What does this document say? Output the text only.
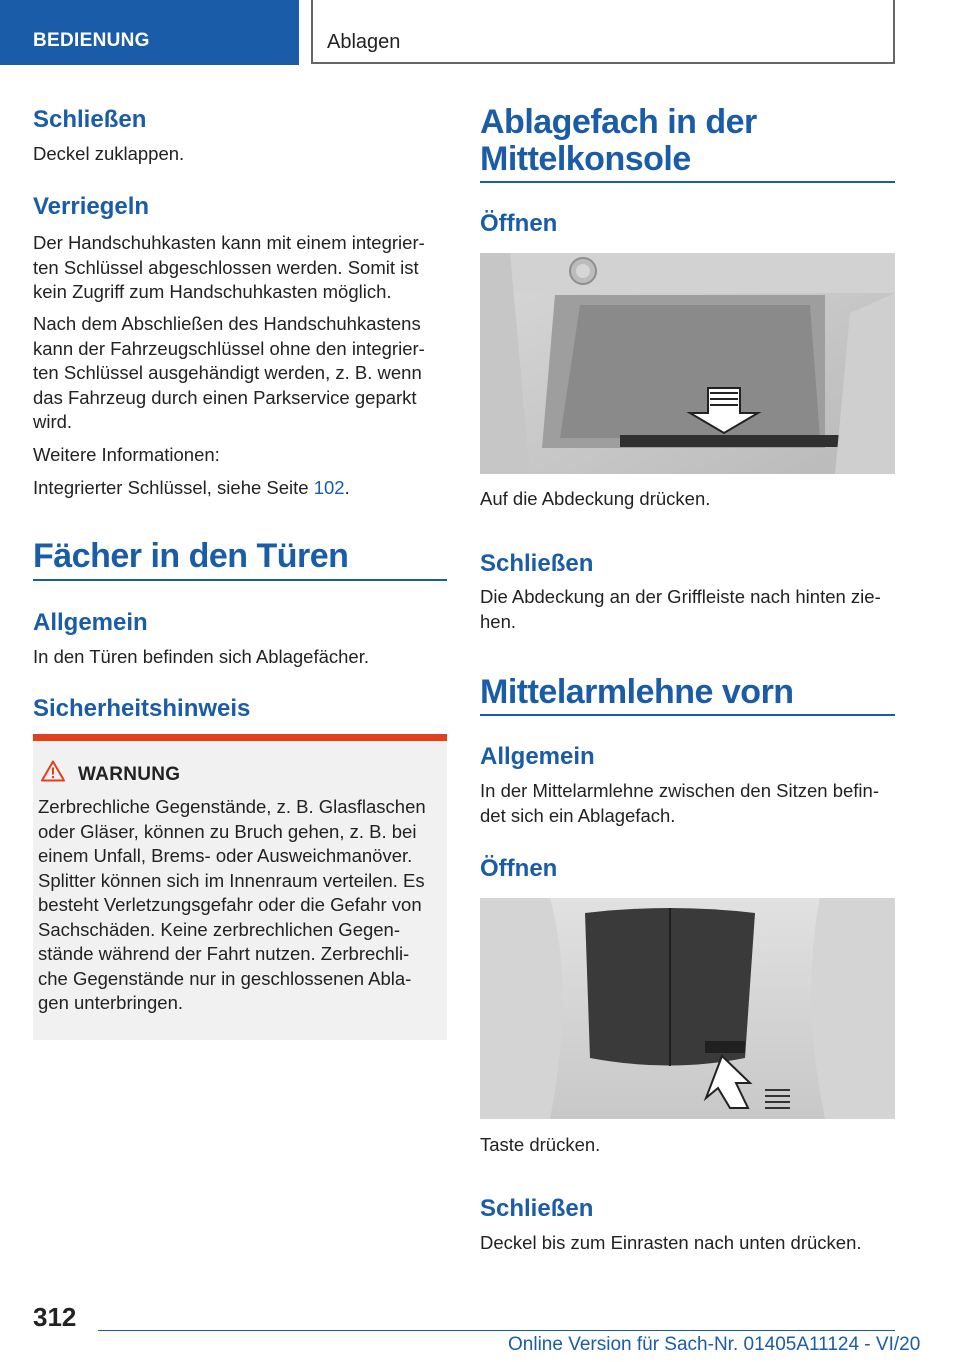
BEDIENUNG	Ablagen
Schließen

Deckel zuklappen.

Verriegeln

Der Handschuhkasten kann mit einem integrier‐
ten Schlüssel abgeschlossen werden. Somit ist
kein Zugriff zum Handschuhkasten möglich.

Nach dem Abschließen des Handschuhkastens
kann der Fahrzeugschlüssel ohne den integrier‐
ten Schlüssel ausgehändigt werden, z. B. wenn
das Fahrzeug durch einen Parkservice geparkt
wird.

Weitere Informationen:

Integrierter Schlüssel, siehe Seite 102.

Fächer in den Türen
Allgemein

In den Türen befinden sich Ablagefächer.

Sicherheitshinweis
WARNUNG

Zerbrechliche Gegenstände, z. B. Glasflaschen
oder Gläser, können zu Bruch gehen, z. B. bei
einem Unfall, Brems- oder Ausweichmanöver.
Splitter können sich im Innenraum verteilen. Es
besteht Verletzungsgefahr oder die Gefahr von
Sachschäden. Keine zerbrechlichen Gegen‐
stände während der Fahrt nutzen. Zerbrechli‐
che Gegenstände nur in geschlossenen Abla‐
gen unterbringen.

Ablagefach in der
Mittelkonsole
Öffnen

Auf die Abdeckung drücken.

Schließen

Die Abdeckung an der Griffleiste nach hinten zie‐
hen.

Mittelarmlehne vorn
Allgemein

In der Mittelarmlehne zwischen den Sitzen befin‐
det sich ein Ablagefach.

Öffnen

Taste drücken.

Schließen

Deckel bis zum Einrasten nach unten drücken.

312
Online Version für Sach-Nr. 01405A11124 - VI/20
